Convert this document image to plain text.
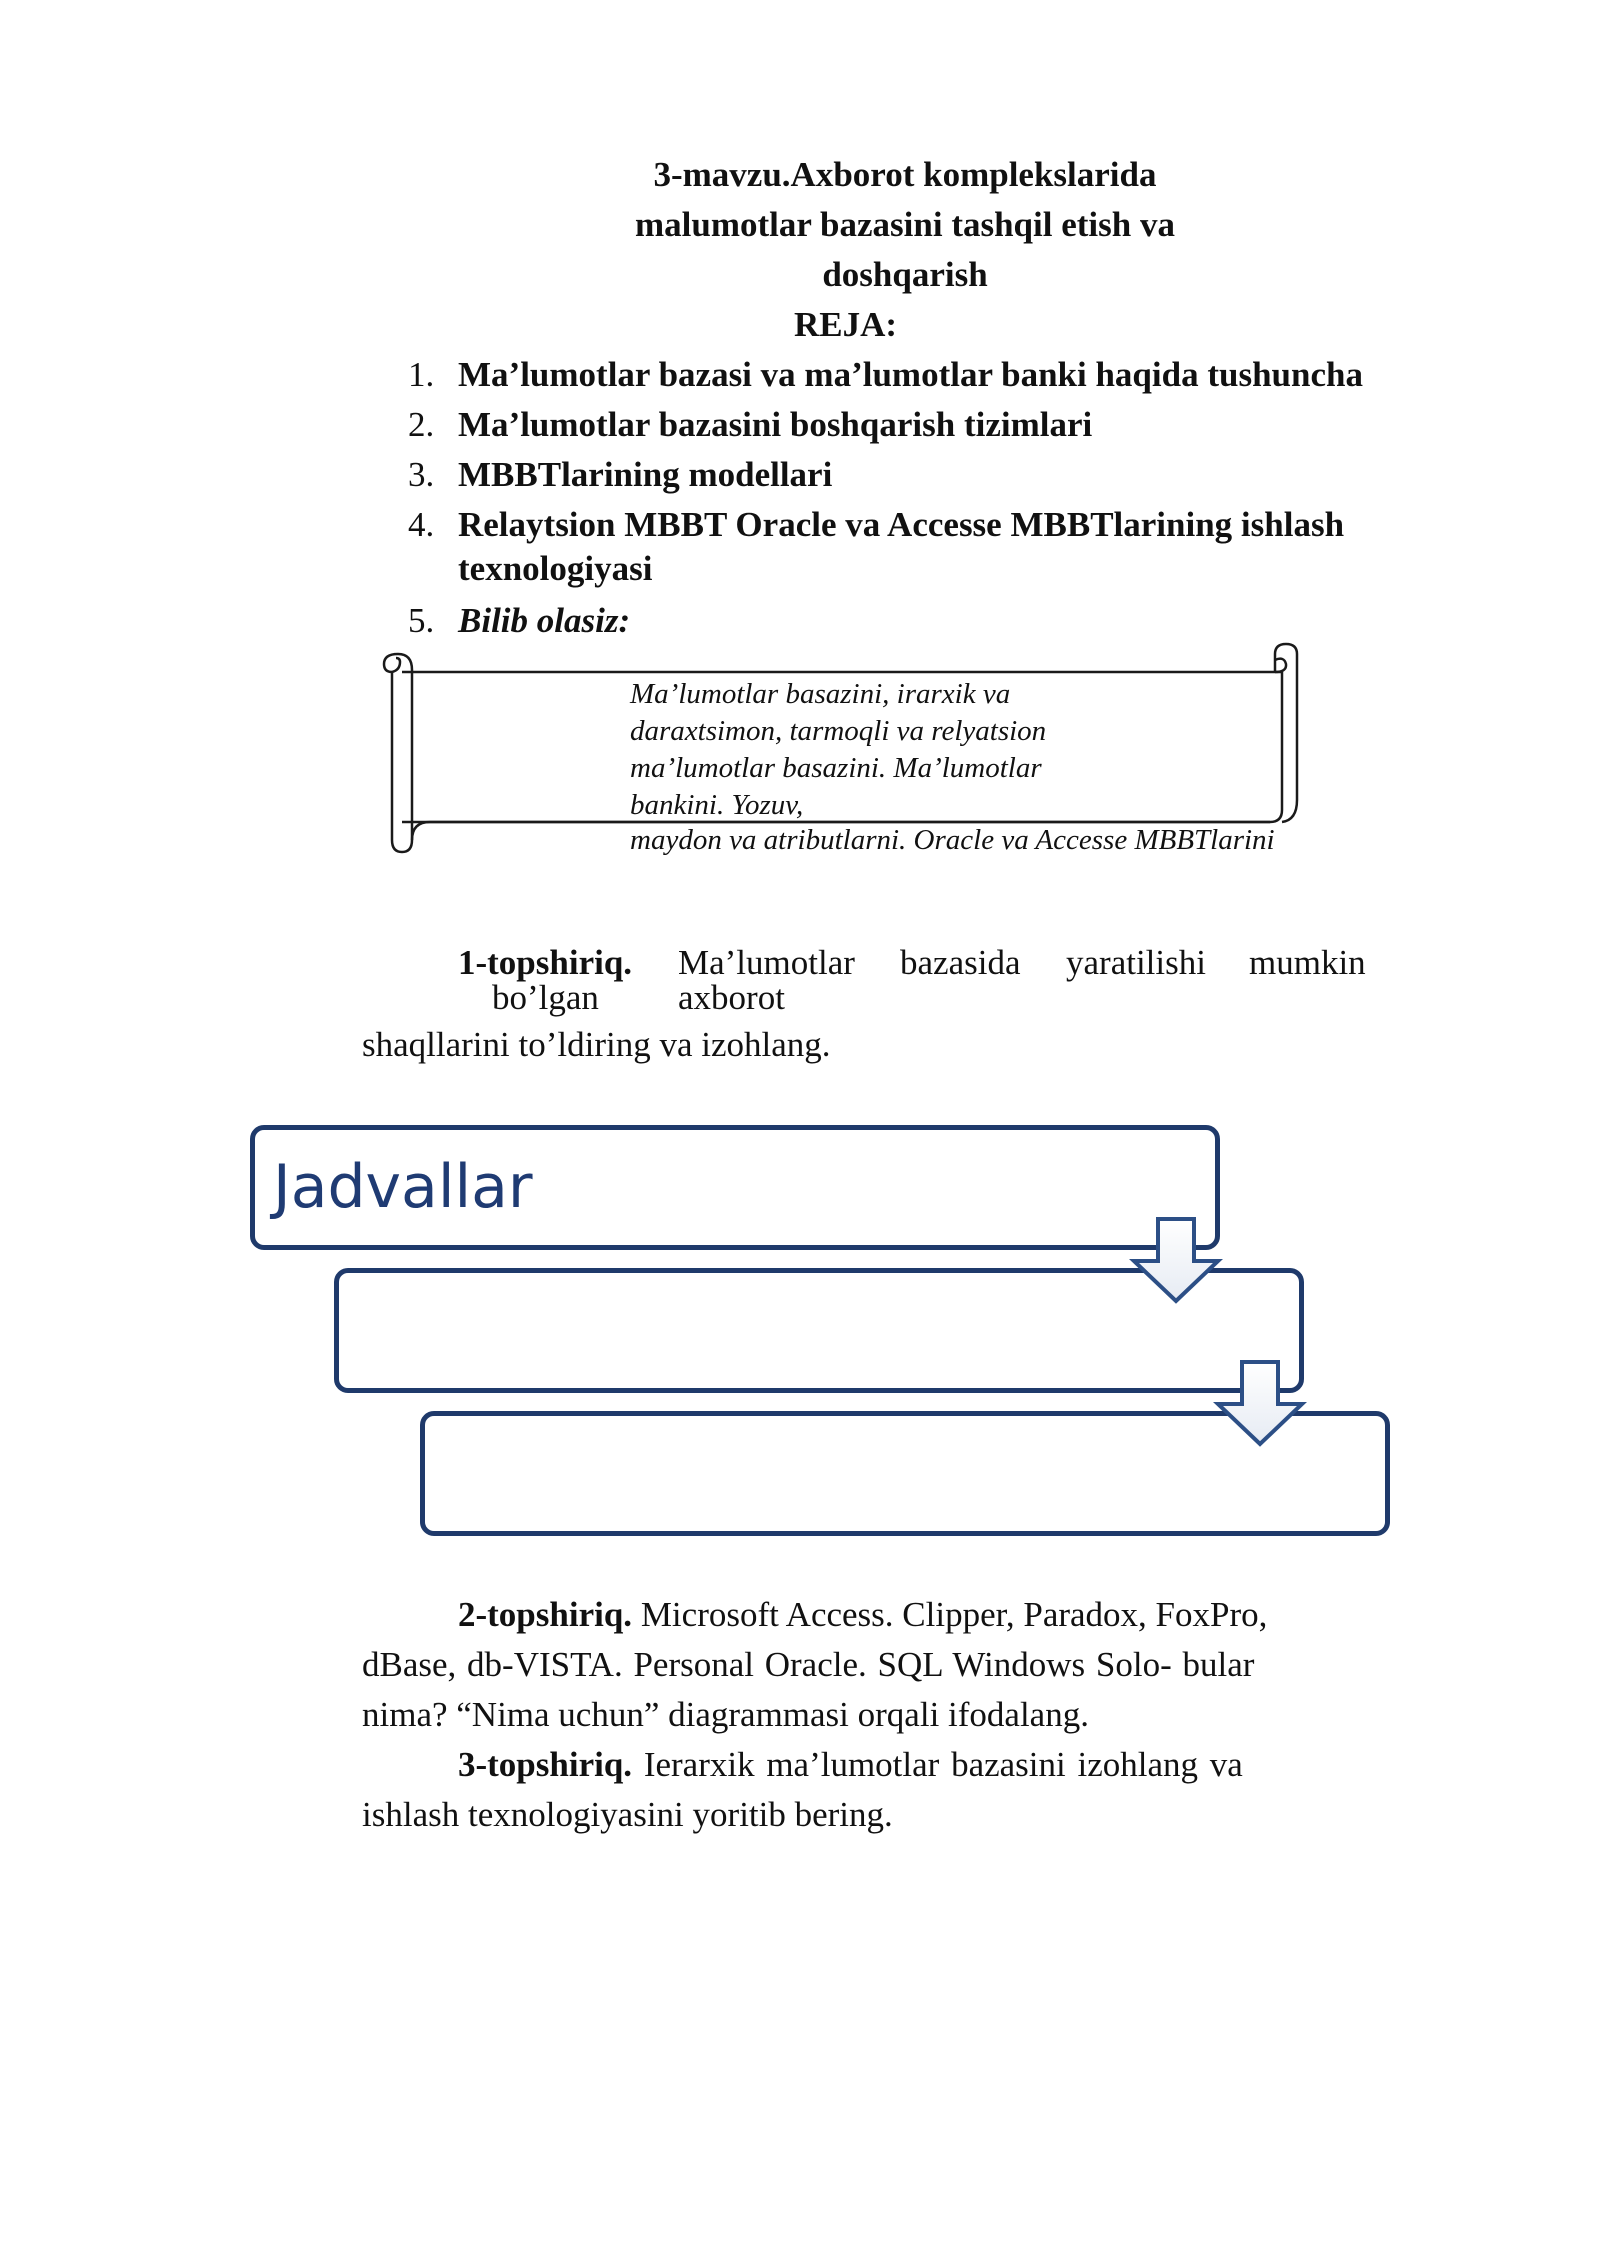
3-mavzu.Axborot komplekslarida
malumotlar bazasini tashqil etish va
doshqarish
REJA:
1. Ma’lumotlar bazasi va ma’lumotlar banki haqida tushuncha
2. Ma’lumotlar bazasini boshqarish tizimlari
3. MBBTlarining modellari
4. Relaytsion MBBT Oracle va Accesse MBBTlarining ishlash
texnologiyasi
5. Bilib olasiz:
Ma’lumotlar basazini, irarxik va
daraxtsimon, tarmoqli va relyatsion
ma’lumotlar basazini. Ma’lumotlar
bankini. Yozuv,
maydon va atributlarni. Oracle va Accesse MBBTlarini
1-topshiriq. Ma’lumotlar bazasida yaratilishi mumkin
bo’lgan axborot
shaqllarini to’ldiring va izohlang.
Jadvallar
2-topshiriq. Microsoft Access. Clipper, Paradox, FoxPro,
dBase, db-VISTA. Personal Oracle. SQL Windows Solo- bular
nima? “Nima uchun” diagrammasi orqali ifodalang.
3-topshiriq. Ierarxik ma’lumotlar bazasini izohlang va
ishlash texnologiyasini yoritib bering.
